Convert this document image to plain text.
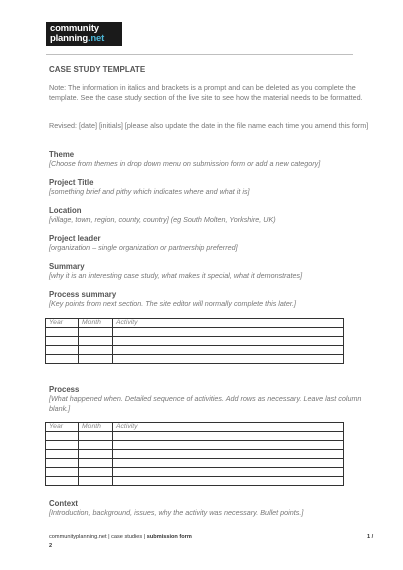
community
planning.net
CASE STUDY TEMPLATE
Note: The information in italics and brackets is a prompt and can be deleted as you complete the template. See the case study section of the live site to see how the material needs to be formatted.
Revised: [date] [initials] [please also update the date in the file name each time you amend this form]
Theme
[Choose from themes in drop down menu on submission form or add a new category]
Project Title
[something brief and pithy which indicates where and what it is]
Location
[village, town, region, county, country] (eg South Molten, Yorkshire, UK)
Project leader
[organization – single organization or partnership preferred]
Summary
[why it is an interesting case study, what makes it special, what it demonstrates]
Process summary
[Key points from next section. The site editor will normally complete this later.]
Year	Month	Activity

Process
[What happened when. Detailed sequence of activities. Add rows as necessary. Leave last column blank.]
Year	Month	Activity

Context
[Introduction, background, issues, why the activity was necessary. Bullet points.]
communityplanning.net | case studies | submission form	1 /
2
